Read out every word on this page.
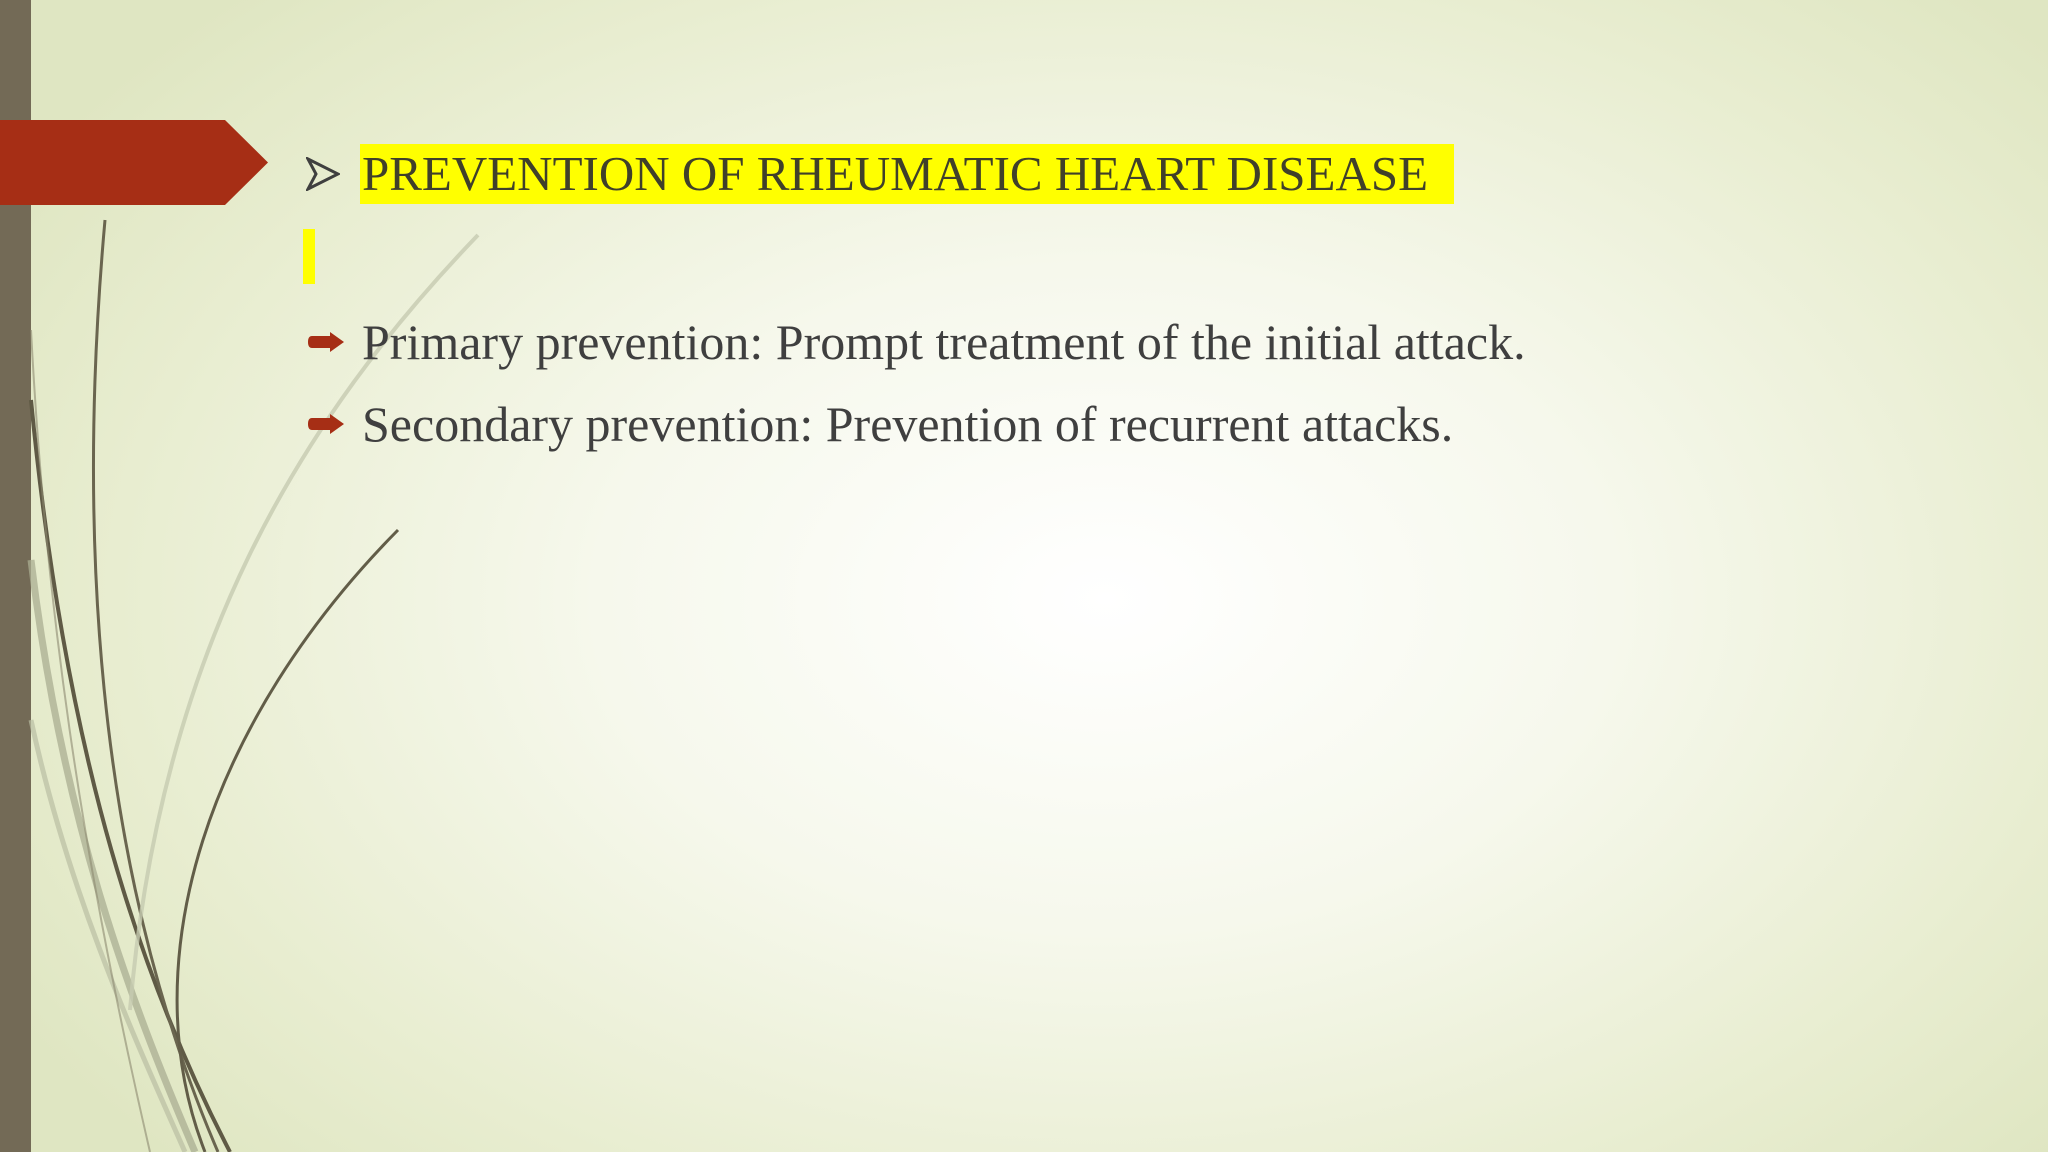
PREVENTION OF RHEUMATIC HEART DISEASE
Primary prevention: Prompt treatment of the initial attack.
Secondary prevention: Prevention of recurrent attacks.
